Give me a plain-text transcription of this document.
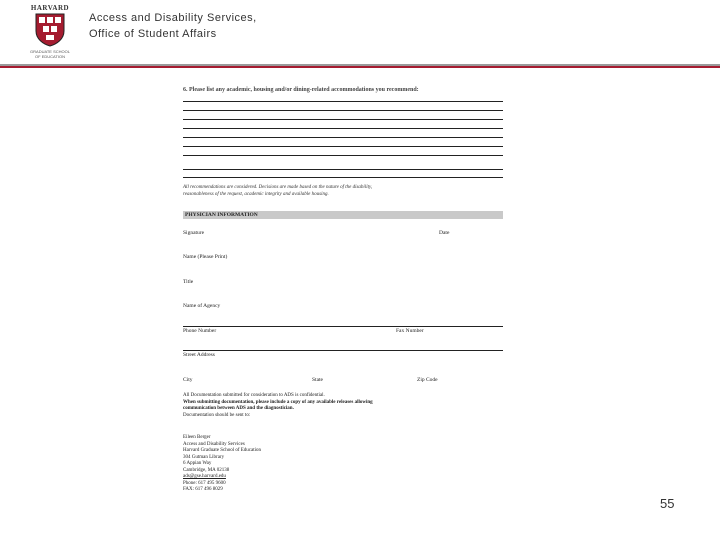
HARVARD
GRADUATE SCHOOL
OF EDUCATION
Access and Disability Services,
Office of Student Affairs
6. Please list any academic, housing and/or dining-related accommodations you recommend:
All recommendations are considered. Decisions are made based on the nature of the disability,
reasonableness of the request, academic integrity and available housing.
PHYSICIAN INFORMATION
Signature	Date
Name (Please Print)
Title
Name of Agency
Phone Number	Fax Number
Street Address
City	State	Zip Code
All Documentation submitted for consideration to ADS is confidential.
When submitting documentation, please include a copy of any available releases allowing
communication between ADS and the diagnostician.
Documentation should be sent to:
Eileen Berger
Access and Disability Services
Harvard Graduate School of Education
304 Gutman Library
6 Appian Way
Cambridge, MA 02138
ads@gse.harvard.edu
Phone: 617 495 9600
FAX: 617 496 8029
55
